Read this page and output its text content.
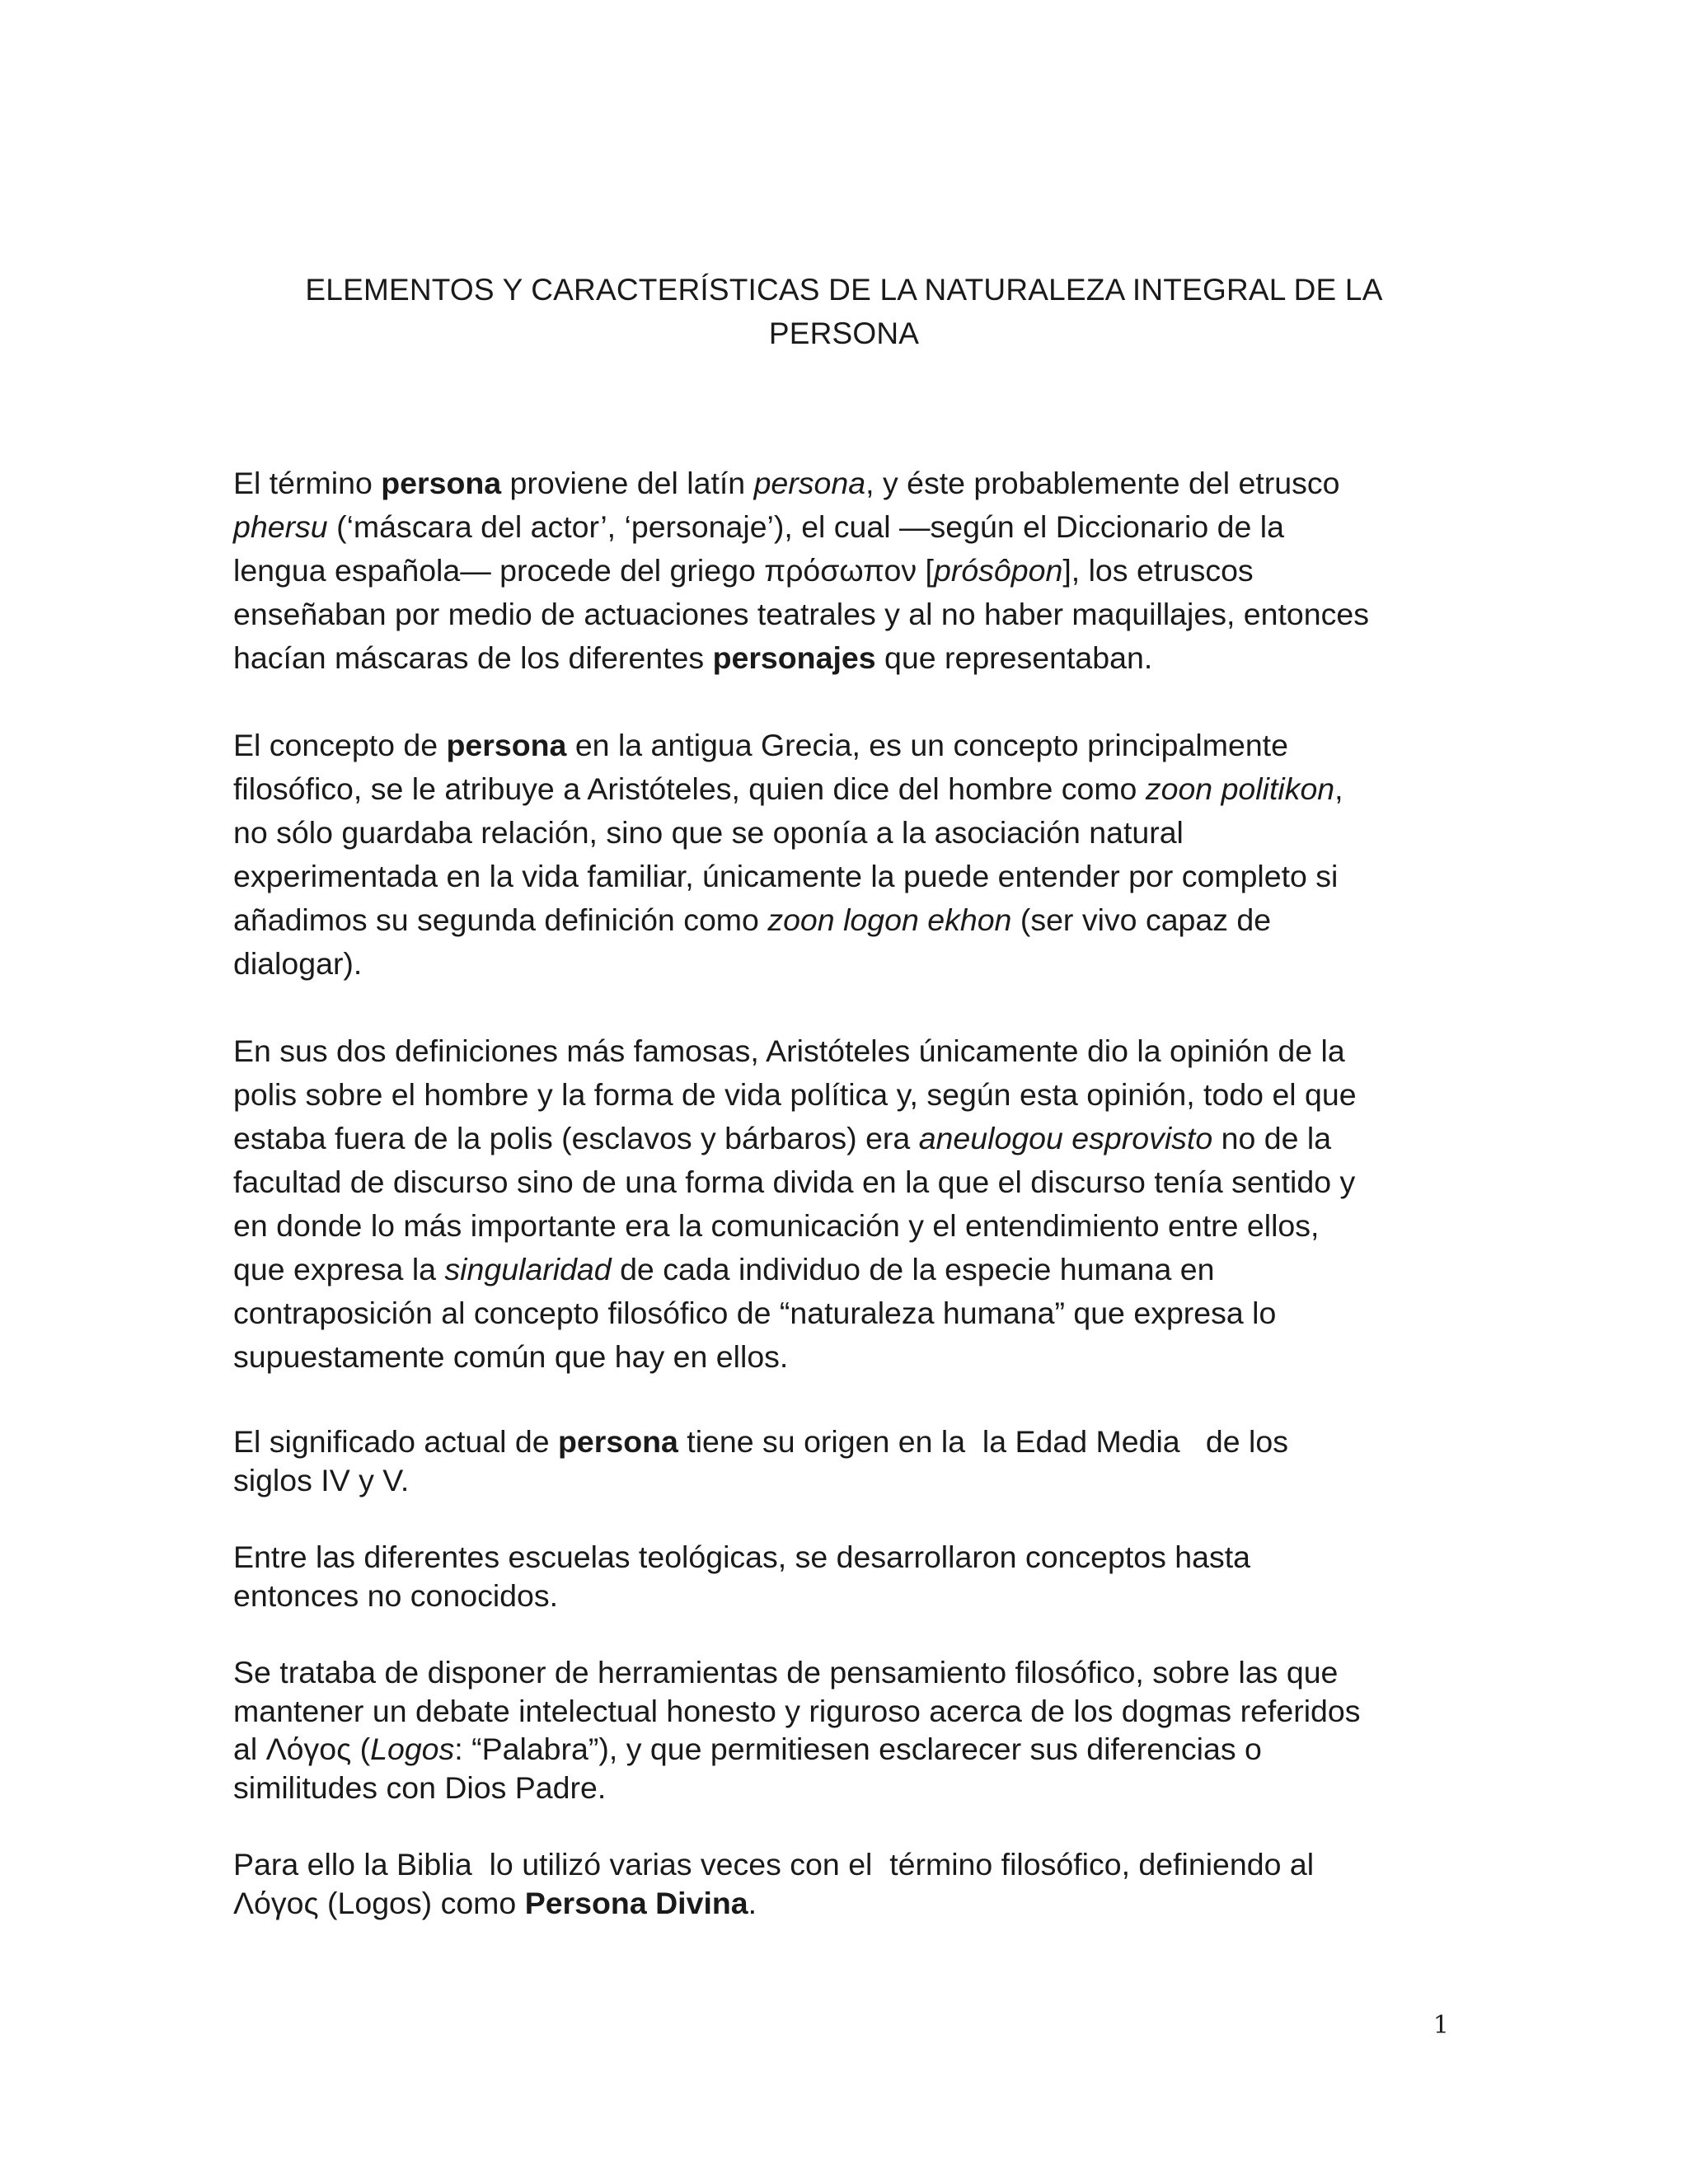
ELEMENTOS Y CARACTERÍSTICAS DE LA NATURALEZA INTEGRAL DE LA
PERSONA
El término persona proviene del latín persona, y éste probablemente del etrusco
phersu (‘máscara del actor’, ‘personaje’), el cual —según el Diccionario de la
lengua española— procede del griego πρόσωπον [prósôpon], los etruscos
enseñaban por medio de actuaciones teatrales y al no haber maquillajes, entonces
hacían máscaras de los diferentes personajes que representaban.
El concepto de persona en la antigua Grecia, es un concepto principalmente
filosófico, se le atribuye a Aristóteles, quien dice del hombre como zoon politikon,
no sólo guardaba relación, sino que se oponía a la asociación natural
experimentada en la vida familiar, únicamente la puede entender por completo si
añadimos su segunda definición como zoon logon ekhon (ser vivo capaz de
dialogar).
En sus dos definiciones más famosas, Aristóteles únicamente dio la opinión de la
polis sobre el hombre y la forma de vida política y, según esta opinión, todo el que
estaba fuera de la polis (esclavos y bárbaros) era aneulogou esprovisto no de la
facultad de discurso sino de una forma divida en la que el discurso tenía sentido y
en donde lo más importante era la comunicación y el entendimiento entre ellos,
que expresa la singularidad de cada individuo de la especie humana en
contraposición al concepto filosófico de “naturaleza humana” que expresa lo
supuestamente común que hay en ellos.
El significado actual de persona tiene su origen en la  la Edad Media   de los
siglos IV y V.
Entre las diferentes escuelas teológicas, se desarrollaron conceptos hasta
entonces no conocidos.
Se trataba de disponer de herramientas de pensamiento filosófico, sobre las que
mantener un debate intelectual honesto y riguroso acerca de los dogmas referidos
al Λόγος (Logos: “Palabra”), y que permitiesen esclarecer sus diferencias o
similitudes con Dios Padre.
Para ello la Biblia  lo utilizó varias veces con el  término filosófico, definiendo al
Λόγος (Logos) como Persona Divina.
1
